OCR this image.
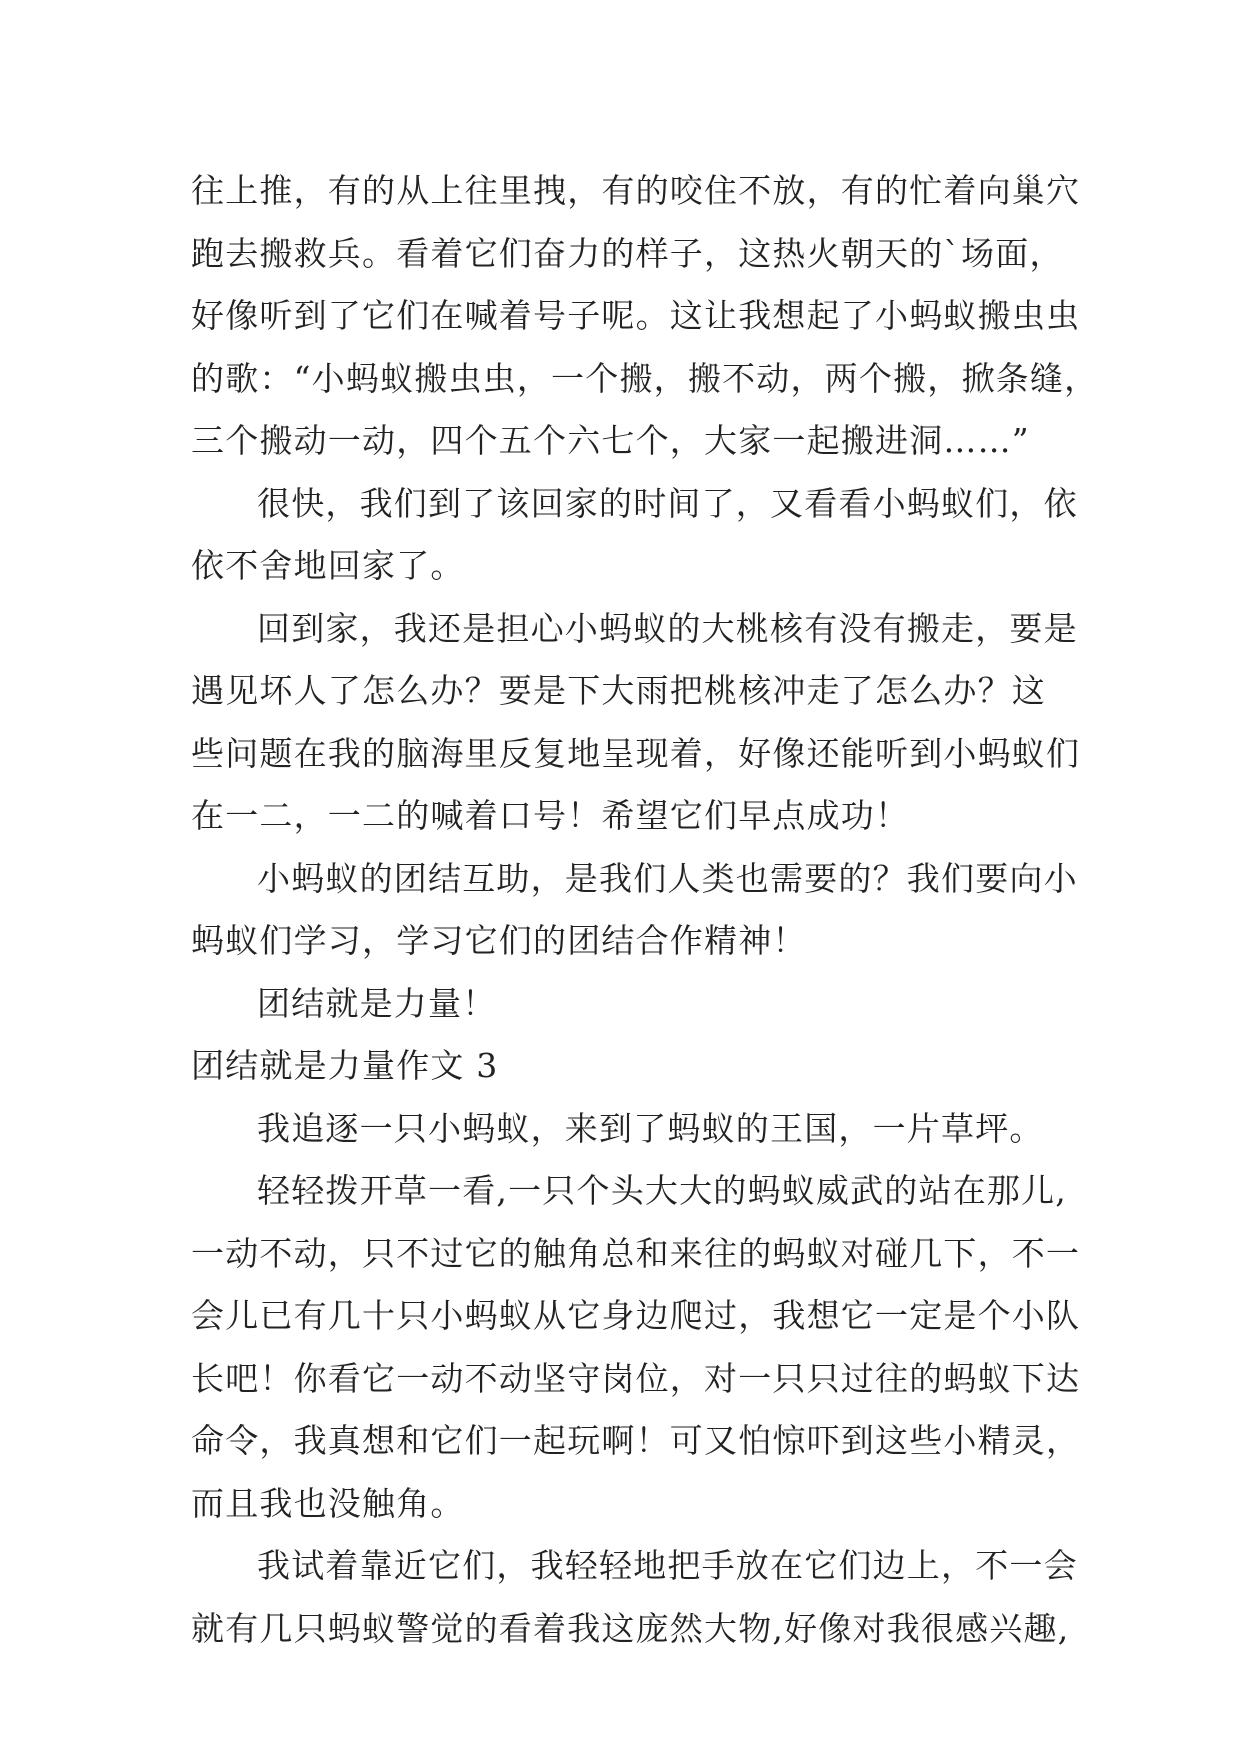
往上推，有的从上往里拽，有的咬住不放，有的忙着向巢穴
跑去搬救兵。看着它们奋力的样子，这热火朝天的`场面，
好像听到了它们在喊着号子呢。这让我想起了小蚂蚁搬虫虫
的歌：“小蚂蚁搬虫虫，一个搬，搬不动，两个搬，掀条缝，
三个搬动一动，四个五个六七个，大家一起搬进洞……”
很快，我们到了该回家的时间了，又看看小蚂蚁们，依
依不舍地回家了。
回到家，我还是担心小蚂蚁的大桃核有没有搬走，要是
遇见坏人了怎么办？要是下大雨把桃核冲走了怎么办？这
些问题在我的脑海里反复地呈现着，好像还能听到小蚂蚁们
在一二，一二的喊着口号！希望它们早点成功！
小蚂蚁的团结互助，是我们人类也需要的？我们要向小
蚂蚁们学习，学习它们的团结合作精神！
团结就是力量！
团结就是力量作文 3
我追逐一只小蚂蚁，来到了蚂蚁的王国，一片草坪。
轻轻拨开草一看,一只个头大大的蚂蚁威武的站在那儿,
一动不动，只不过它的触角总和来往的蚂蚁对碰几下，不一
会儿已有几十只小蚂蚁从它身边爬过，我想它一定是个小队
长吧！你看它一动不动坚守岗位，对一只只过往的蚂蚁下达
命令，我真想和它们一起玩啊！可又怕惊吓到这些小精灵，
而且我也没触角。
我试着靠近它们，我轻轻地把手放在它们边上，不一会
就有几只蚂蚁警觉的看着我这庞然大物,好像对我很感兴趣,
